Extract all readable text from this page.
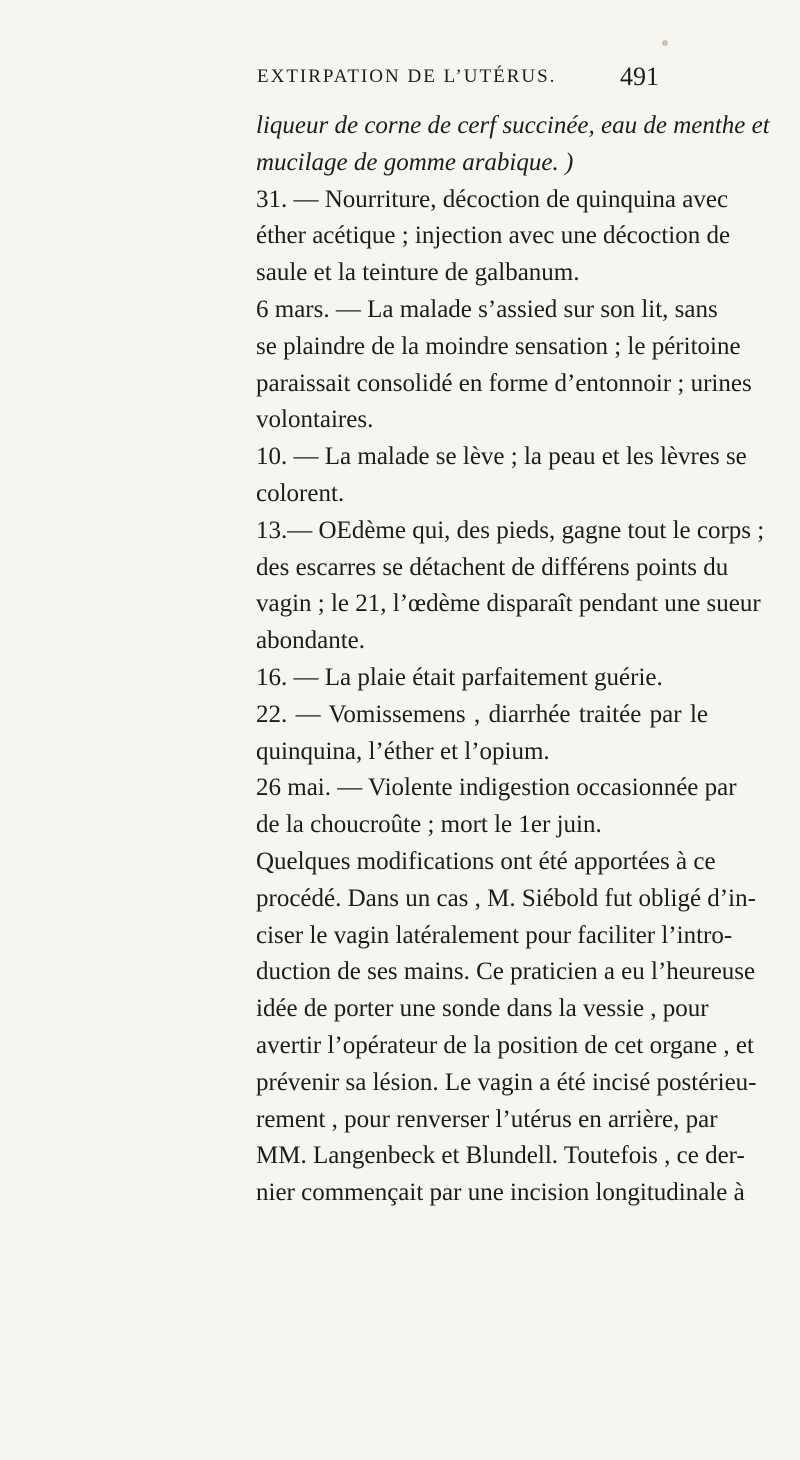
EXTIRPATION DE L’UTÉRUS. 491
liqueur de corne de cerf succinée, eau de menthe et
mucilage de gomme arabique. )
31. — Nourriture, décoction de quinquina avec
éther acétique ; injection avec une décoction de
saule et la teinture de galbanum.
6 mars. — La malade s’assied sur son lit, sans
se plaindre de la moindre sensation ; le péritoine
paraissait consolidé en forme d’entonnoir ; urines
volontaires.
10. — La malade se lève ; la peau et les lèvres se
colorent.
13.— OEdème qui, des pieds, gagne tout le corps ;
des escarres se détachent de différens points du
vagin ; le 21, l’œdème disparaît pendant une sueur
abondante.
16. — La plaie était parfaitement guérie.
22. — Vomissemens , diarrhée traitée par le
quinquina, l’éther et l’opium.
26 mai. — Violente indigestion occasionnée par
de la choucroûte ; mort le 1er juin.
Quelques modifications ont été apportées à ce
procédé. Dans un cas , M. Siébold fut obligé d’in-
ciser le vagin latéralement pour faciliter l’intro-
duction de ses mains. Ce praticien a eu l’heureuse
idée de porter une sonde dans la vessie , pour
avertir l’opérateur de la position de cet organe , et
prévenir sa lésion. Le vagin a été incisé postérieu-
rement , pour renverser l’utérus en arrière, par
MM. Langenbeck et Blundell. Toutefois , ce der-
nier commençait par une incision longitudinale à
